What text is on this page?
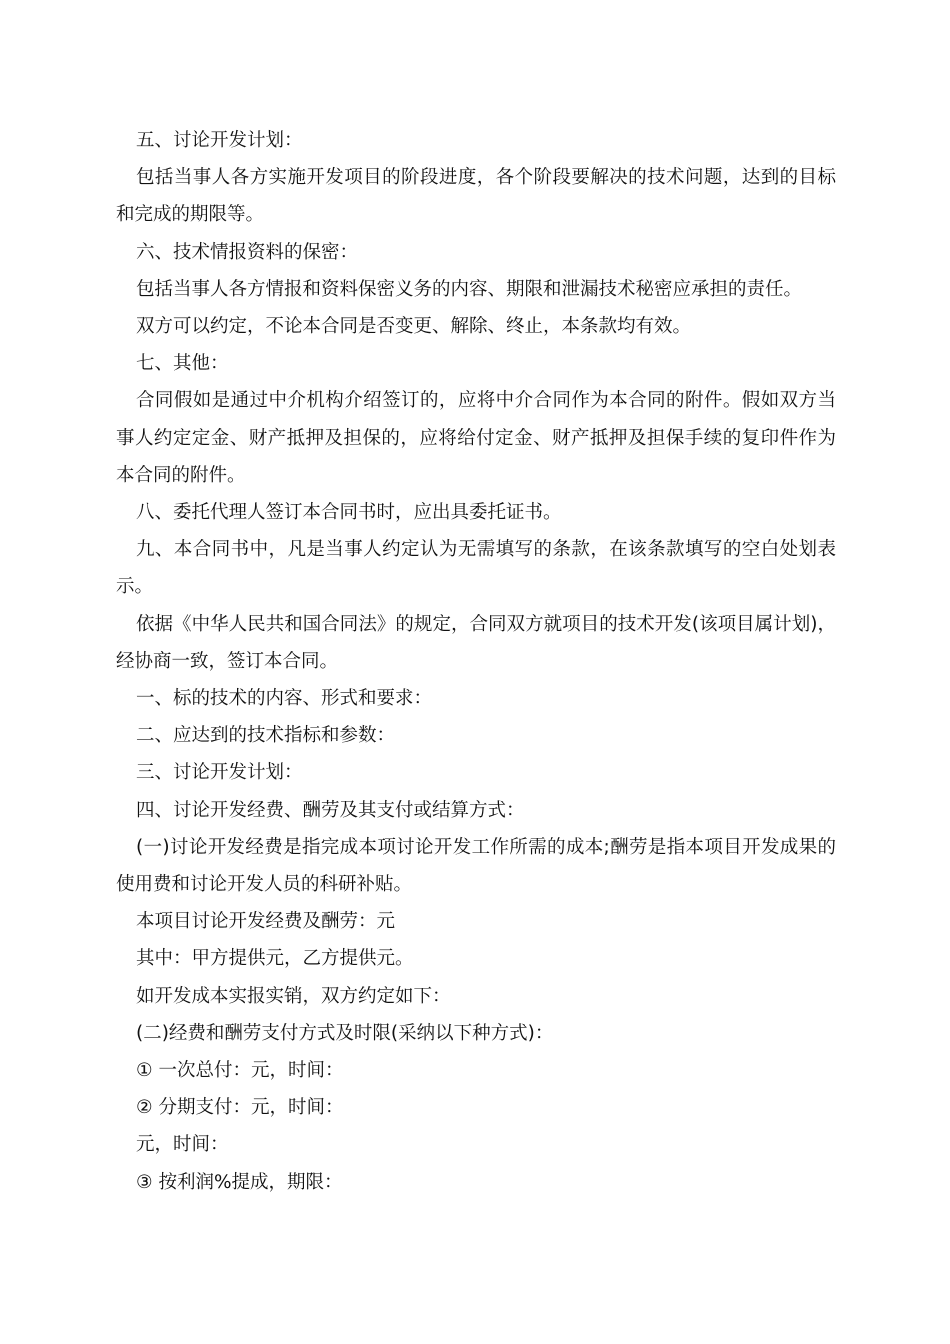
五、讨论开发计划：

包括当事人各方实施开发项目的阶段进度，各个阶段要解决的技术问题，达到的目标和完成的期限等。

六、技术情报资料的保密：

包括当事人各方情报和资料保密义务的内容、期限和泄漏技术秘密应承担的责任。

双方可以约定，不论本合同是否变更、解除、终止，本条款均有效。

七、其他：

合同假如是通过中介机构介绍签订的，应将中介合同作为本合同的附件。假如双方当事人约定定金、财产抵押及担保的，应将给付定金、财产抵押及担保手续的复印件作为本合同的附件。

八、委托代理人签订本合同书时，应出具委托证书。

九、本合同书中，凡是当事人约定认为无需填写的条款，在该条款填写的空白处划表示。

依据《中华人民共和国合同法》的规定，合同双方就项目的技术开发(该项目属计划)，经协商一致，签订本合同。

一、标的技术的内容、形式和要求：

二、应达到的技术指标和参数：

三、讨论开发计划：

四、讨论开发经费、酬劳及其支付或结算方式：

(一)讨论开发经费是指完成本项讨论开发工作所需的成本;酬劳是指本项目开发成果的使用费和讨论开发人员的科研补贴。

本项目讨论开发经费及酬劳：元

其中：甲方提供元，乙方提供元。

如开发成本实报实销，双方约定如下：

(二)经费和酬劳支付方式及时限(采纳以下种方式)：

① 一次总付：元，时间：

② 分期支付：元，时间：

元，时间：

③ 按利润%提成，期限：
